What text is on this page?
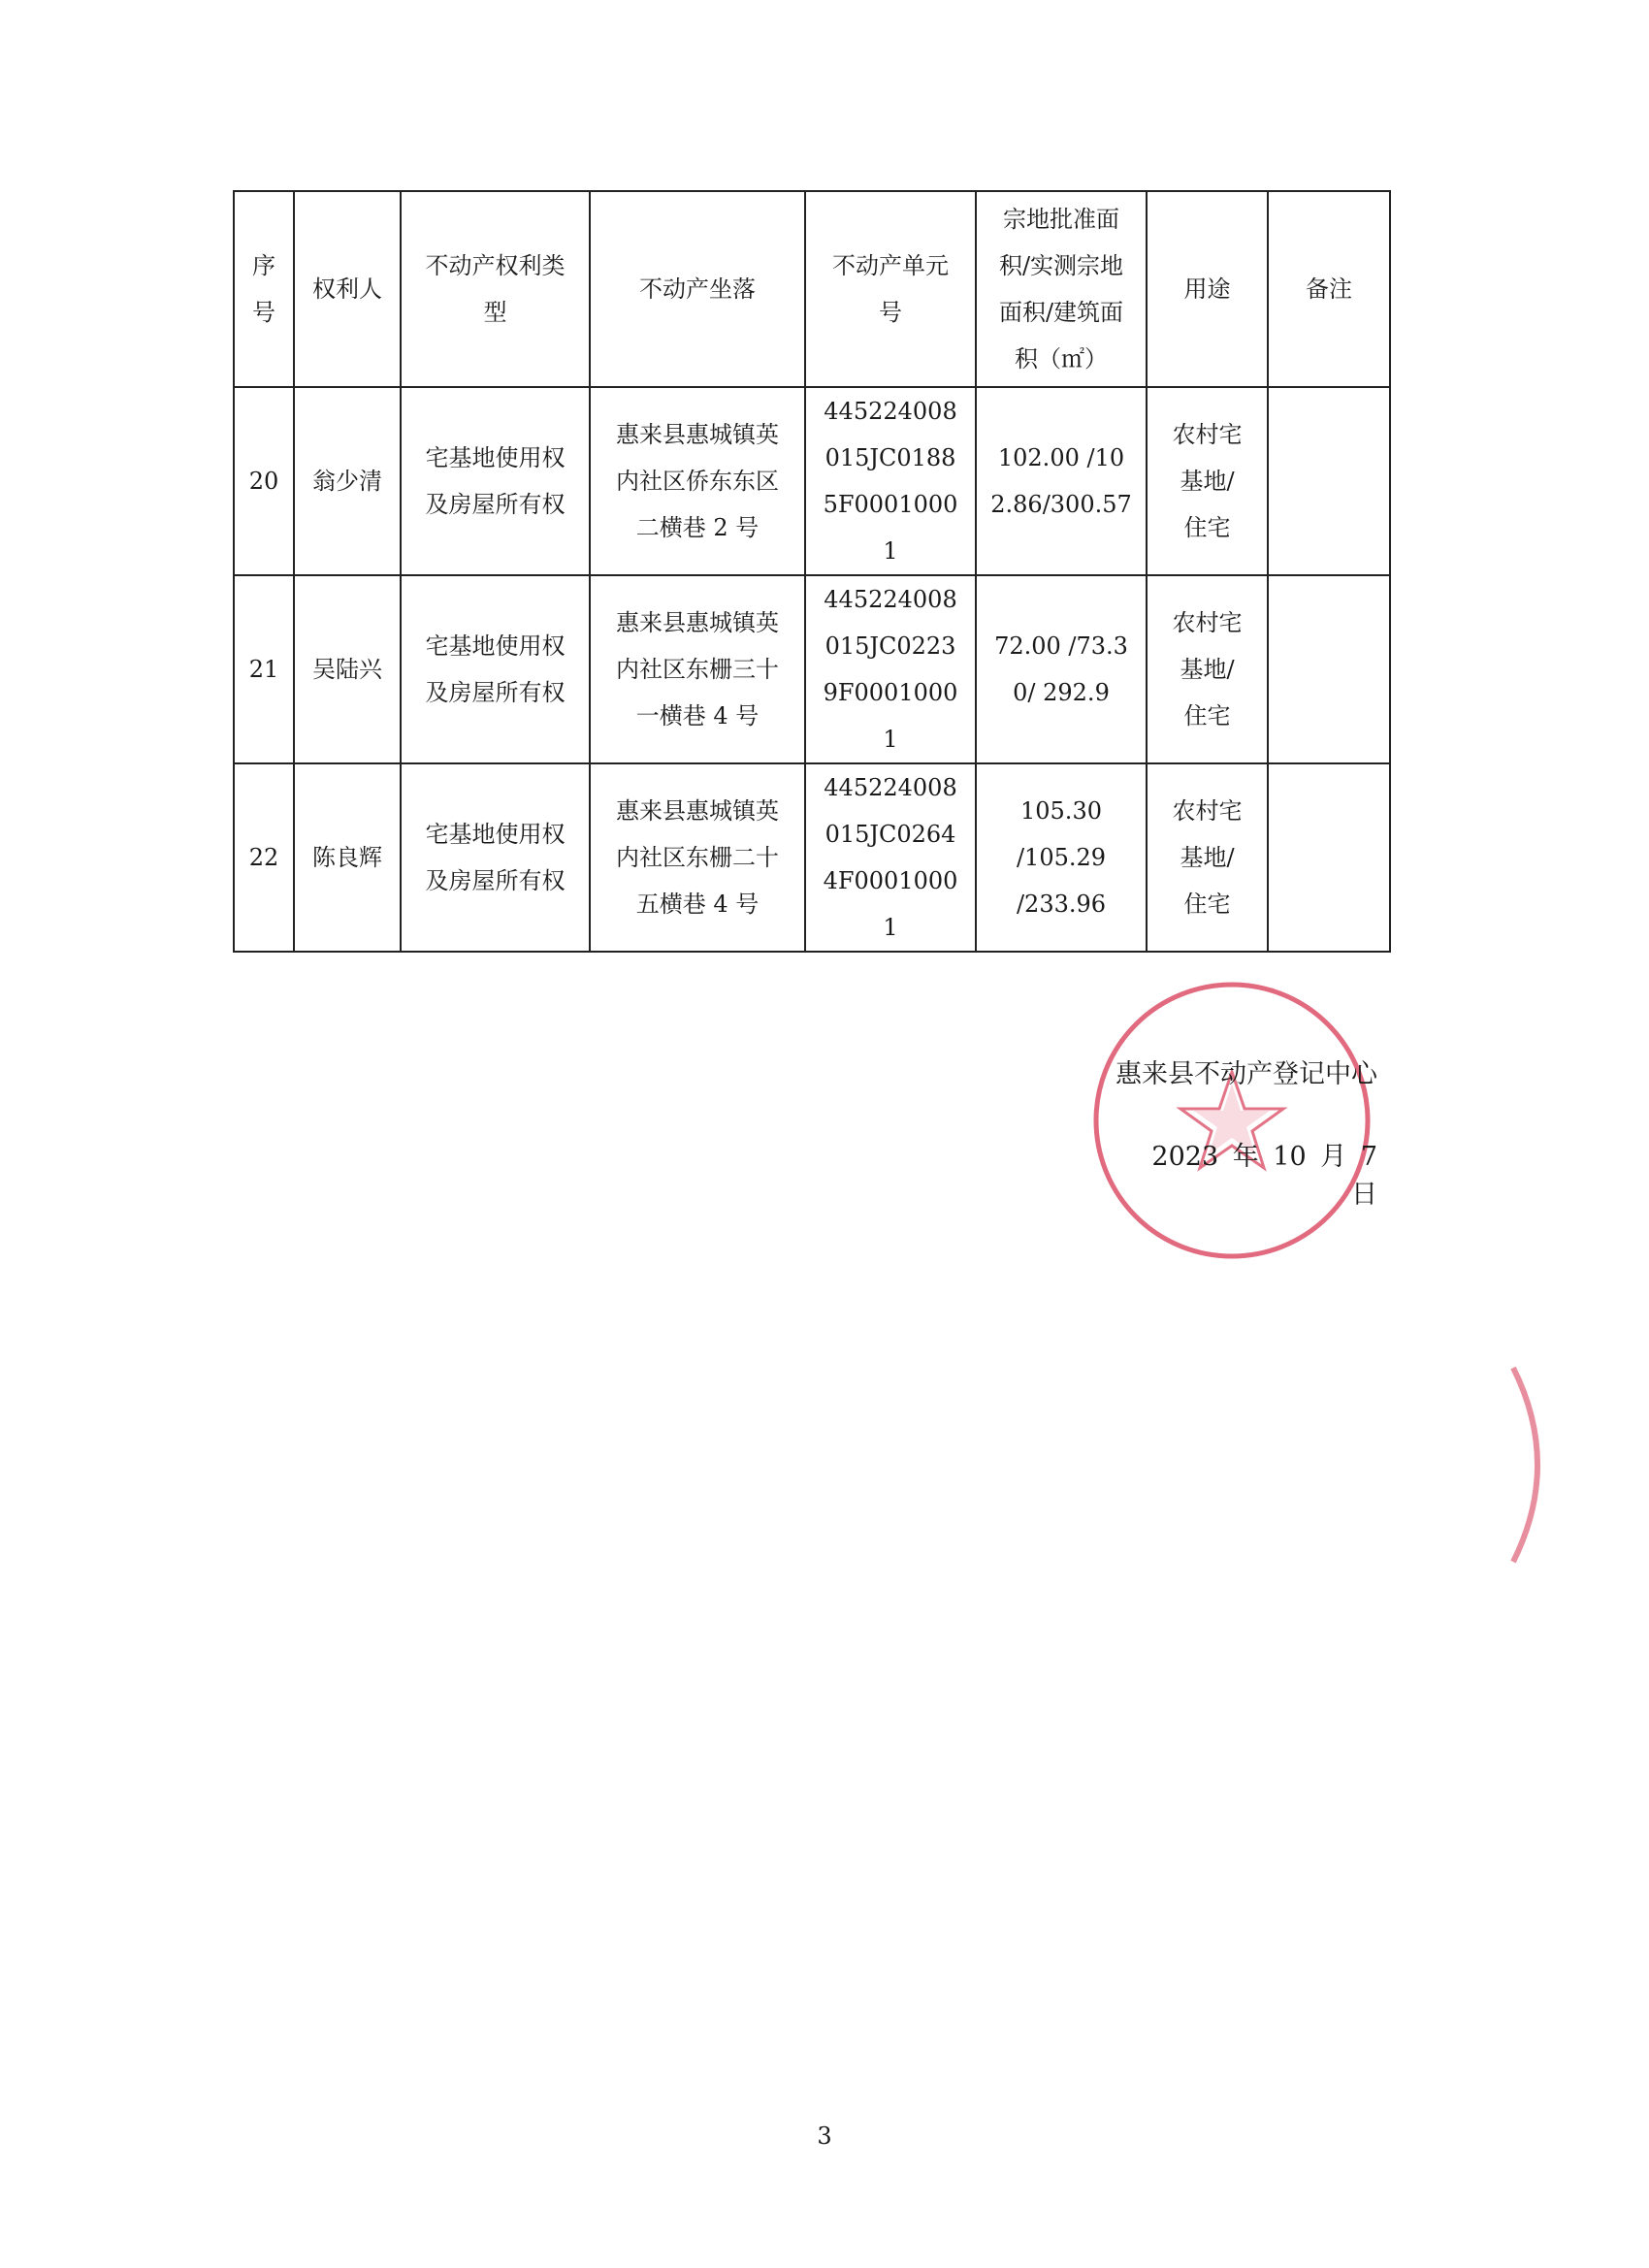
序号	权利人	不动产权利类型	不动产坐落	不动产单元号	宗地批准面积/实测宗地面积/建筑面积（㎡）	用途	备注
20	翁少清	宅基地使用权及房屋所有权	惠来县惠城镇英内社区侨东东区二横巷 2 号	445224008015JC01885F00010001	102.00 /102.86/300.57	农村宅基地/住宅	
21	吴陆兴	宅基地使用权及房屋所有权	惠来县惠城镇英内社区东栅三十一横巷 4 号	445224008015JC02239F00010001	72.00 /73.30/ 292.9	农村宅基地/住宅	
22	陈良辉	宅基地使用权及房屋所有权	惠来县惠城镇英内社区东栅二十五横巷 4 号	445224008015JC02644F00010001	105.30 /105.29 /233.96	农村宅基地/住宅	
惠来县不动产登记中心
2023 年 10 月 7 日
3
